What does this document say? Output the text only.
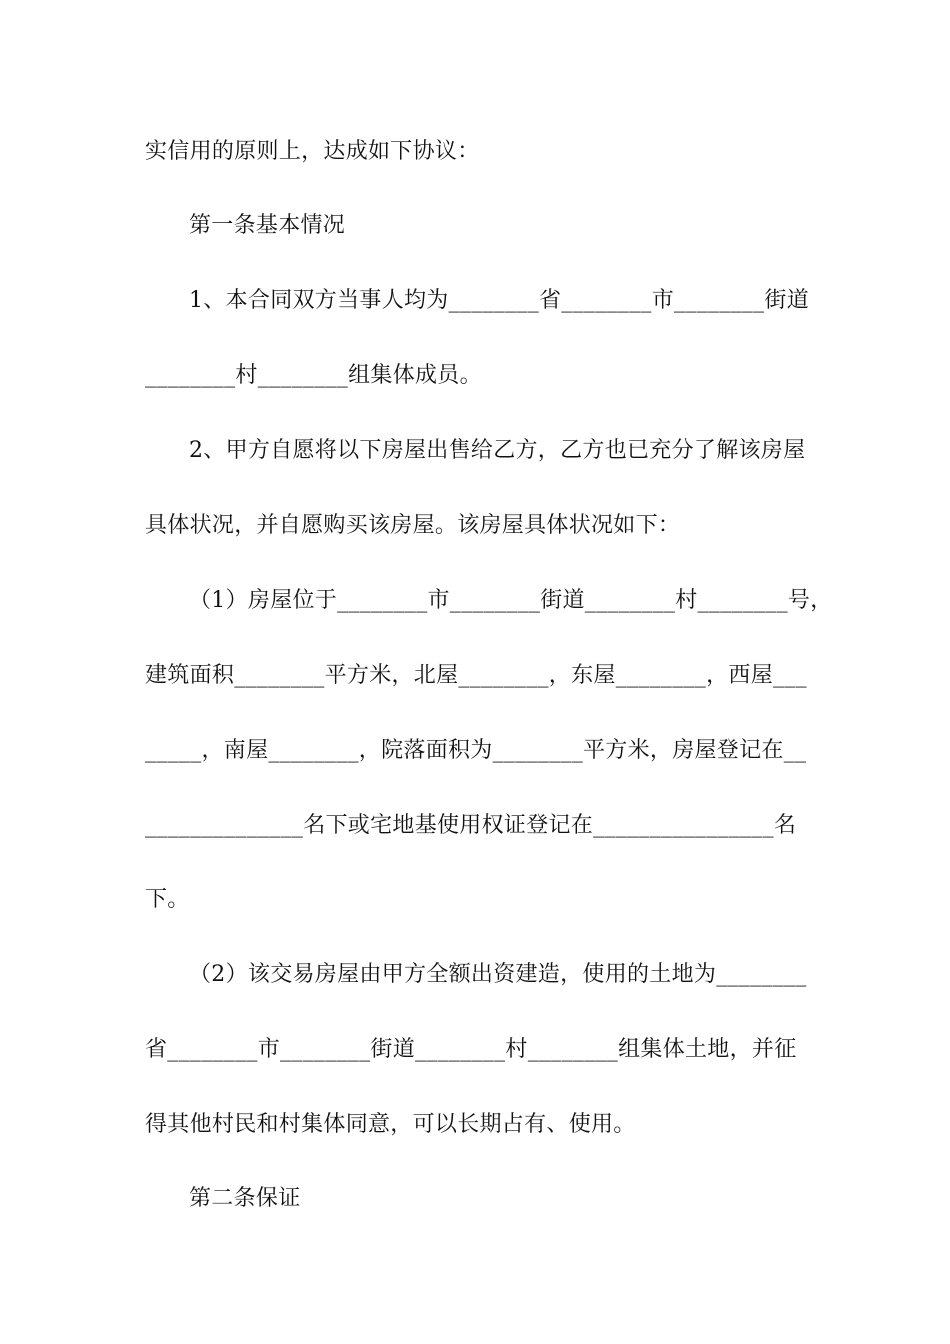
实信用的原则上，达成如下协议：
第一条基本情况
1、本合同双方当事人均为________省________市________街道
________村________组集体成员。
2、甲方自愿将以下房屋出售给乙方，乙方也已充分了解该房屋
具体状况，并自愿购买该房屋。该房屋具体状况如下：
（1）房屋位于________市________街道________村________号，
建筑面积________平方米，北屋________，东屋________，西屋___
_____，南屋________，院落面积为________平方米，房屋登记在__
______________名下或宅地基使用权证登记在________________名
下。
（2）该交易房屋由甲方全额出资建造，使用的土地为________
省________市________街道________村________组集体土地，并征
得其他村民和村集体同意，可以长期占有、使用。
第二条保证
